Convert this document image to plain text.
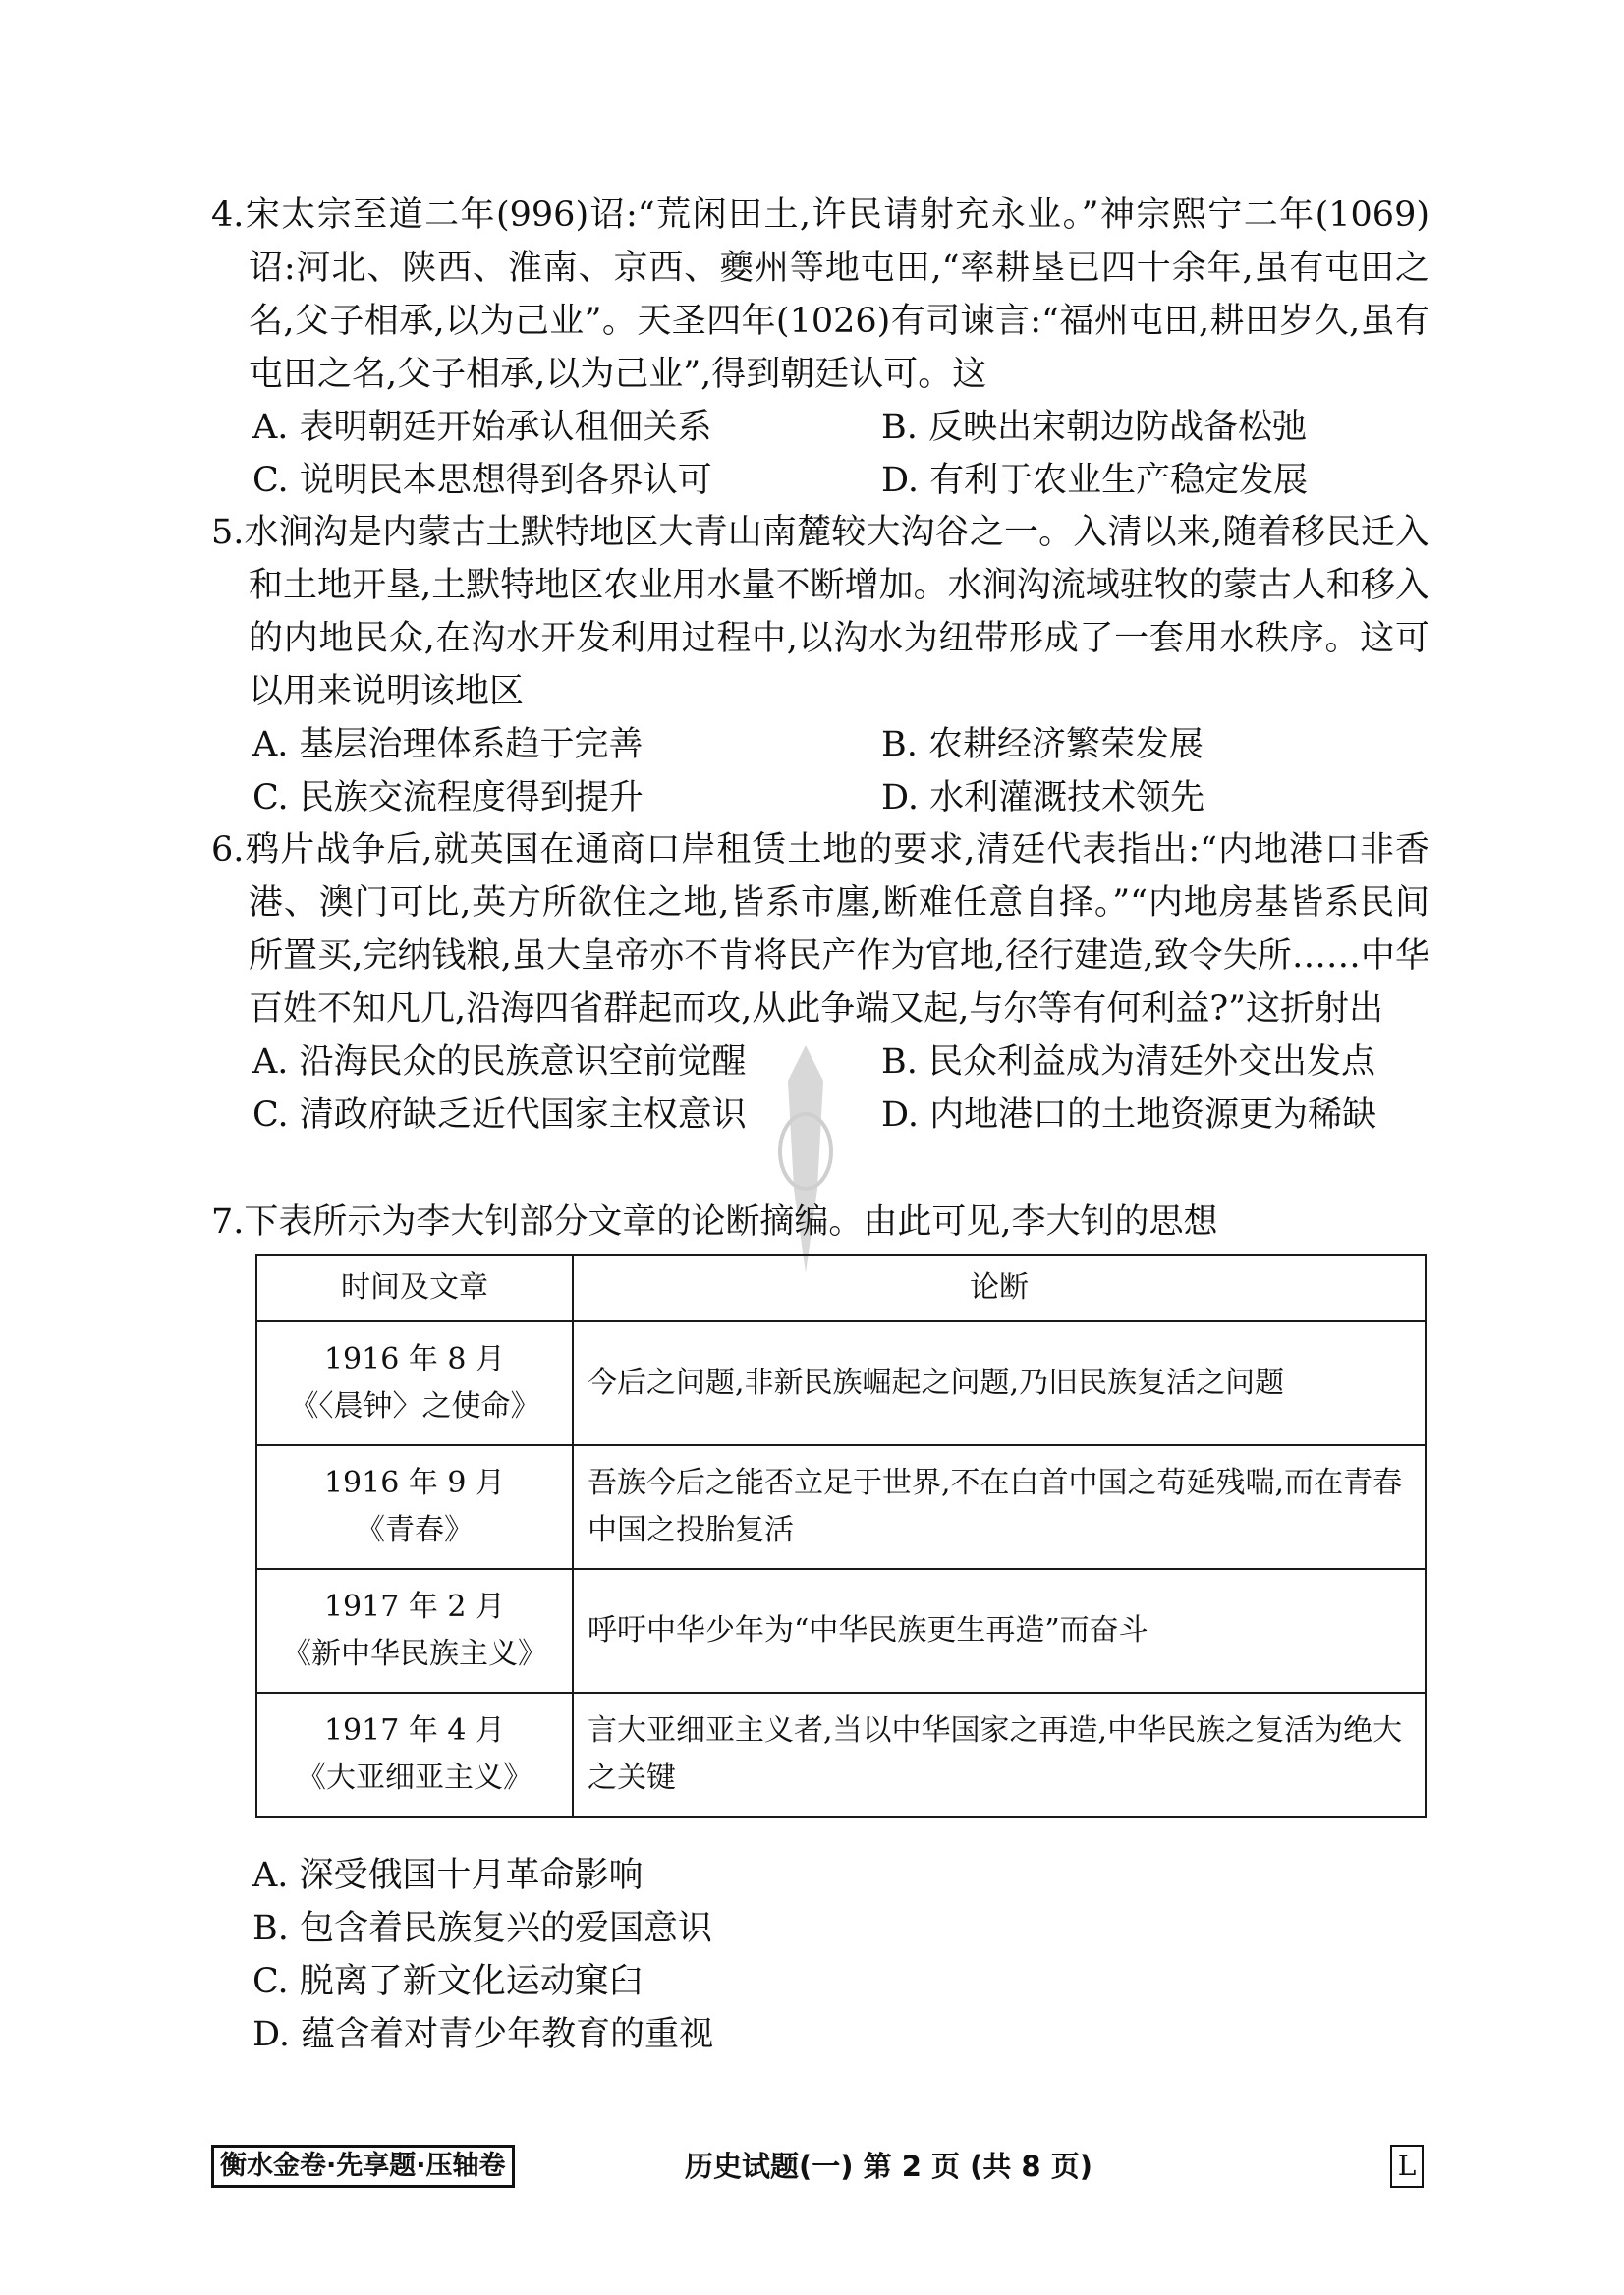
4.宋太宗至道二年(996)诏:“荒闲田土,许民请射充永业。”神宗熙宁二年(1069)诏:河北、陕西、淮南、京西、夔州等地屯田,“率耕垦已四十余年,虽有屯田之名,父子相承,以为己业”。天圣四年(1026)有司谏言:“福州屯田,耕田岁久,虽有屯田之名,父子相承,以为己业”,得到朝廷认可。这

A. 表明朝廷开始承认租佃关系	B. 反映出宋朝边防战备松弛
C. 说明民本思想得到各界认可	D. 有利于农业生产稳定发展

5.水涧沟是内蒙古土默特地区大青山南麓较大沟谷之一。入清以来,随着移民迁入和土地开垦,土默特地区农业用水量不断增加。水涧沟流域驻牧的蒙古人和移入的内地民众,在沟水开发利用过程中,以沟水为纽带形成了一套用水秩序。这可以用来说明该地区

A. 基层治理体系趋于完善	B. 农耕经济繁荣发展
C. 民族交流程度得到提升	D. 水利灌溉技术领先

6.鸦片战争后,就英国在通商口岸租赁土地的要求,清廷代表指出:“内地港口非香港、澳门可比,英方所欲住之地,皆系市廛,断难任意自择。”“内地房基皆系民间所置买,完纳钱粮,虽大皇帝亦不肯将民产作为官地,径行建造,致令失所……中华百姓不知凡几,沿海四省群起而攻,从此争端又起,与尔等有何利益?”这折射出

A. 沿海民众的民族意识空前觉醒	B. 民众利益成为清廷外交出发点
C. 清政府缺乏近代国家主权意识	D. 内地港口的土地资源更为稀缺

7.下表所示为李大钊部分文章的论断摘编。由此可见,李大钊的思想

时间及文章	论断

1916 年 8 月
《〈晨钟〉之使命》	今后之问题,非新民族崛起之问题,乃旧民族复活之问题

1916 年 9 月
《青春》	吾族今后之能否立足于世界,不在白首中国之苟延残喘,而在青春中国之投胎复活

1917 年 2 月
《新中华民族主义》	呼吁中华少年为“中华民族更生再造”而奋斗

1917 年 4 月
《大亚细亚主义》	言大亚细亚主义者,当以中华国家之再造,中华民族之复活为绝大之关键
A. 深受俄国十月革命影响
B. 包含着民族复兴的爱国意识
C. 脱离了新文化运动窠臼
D. 蕴含着对青少年教育的重视
衡水金卷·先享题·压轴卷	历史试题(一) 第 2 页 (共 8 页)	L
